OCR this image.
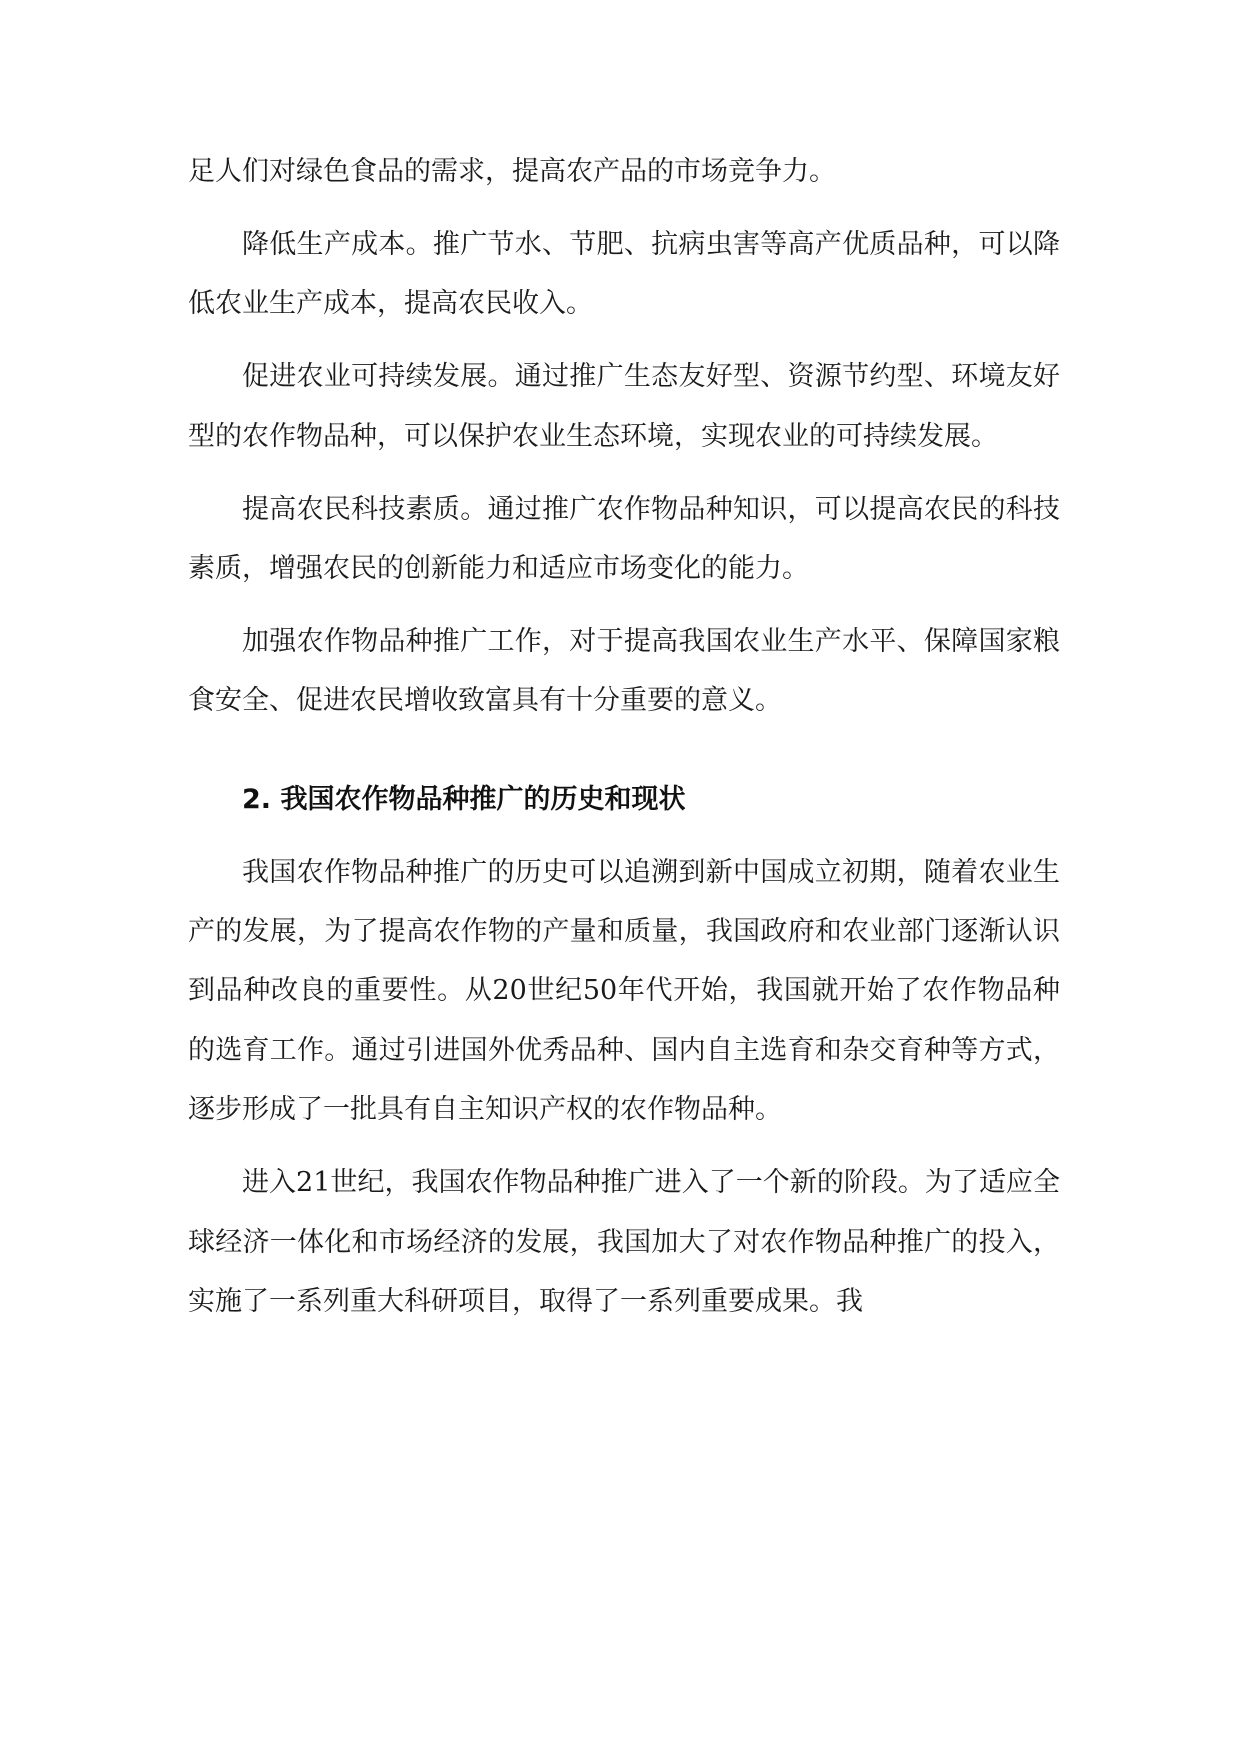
足人们对绿色食品的需求，提高农产品的市场竞争力。

降低生产成本。推广节水、节肥、抗病虫害等高产优质品种，可以降低农业生产成本，提高农民收入。

促进农业可持续发展。通过推广生态友好型、资源节约型、环境友好型的农作物品种，可以保护农业生态环境，实现农业的可持续发展。

提高农民科技素质。通过推广农作物品种知识，可以提高农民的科技素质，增强农民的创新能力和适应市场变化的能力。

加强农作物品种推广工作，对于提高我国农业生产水平、保障国家粮食安全、促进农民增收致富具有十分重要的意义。

2. 我国农作物品种推广的历史和现状

我国农作物品种推广的历史可以追溯到新中国成立初期，随着农业生产的发展，为了提高农作物的产量和质量，我国政府和农业部门逐渐认识到品种改良的重要性。从20世纪50年代开始，我国就开始了农作物品种的选育工作。通过引进国外优秀品种、国内自主选育和杂交育种等方式，逐步形成了一批具有自主知识产权的农作物品种。

进入21世纪，我国农作物品种推广进入了一个新的阶段。为了适应全球经济一体化和市场经济的发展，我国加大了对农作物品种推广的投入，实施了一系列重大科研项目，取得了一系列重要成果。我
